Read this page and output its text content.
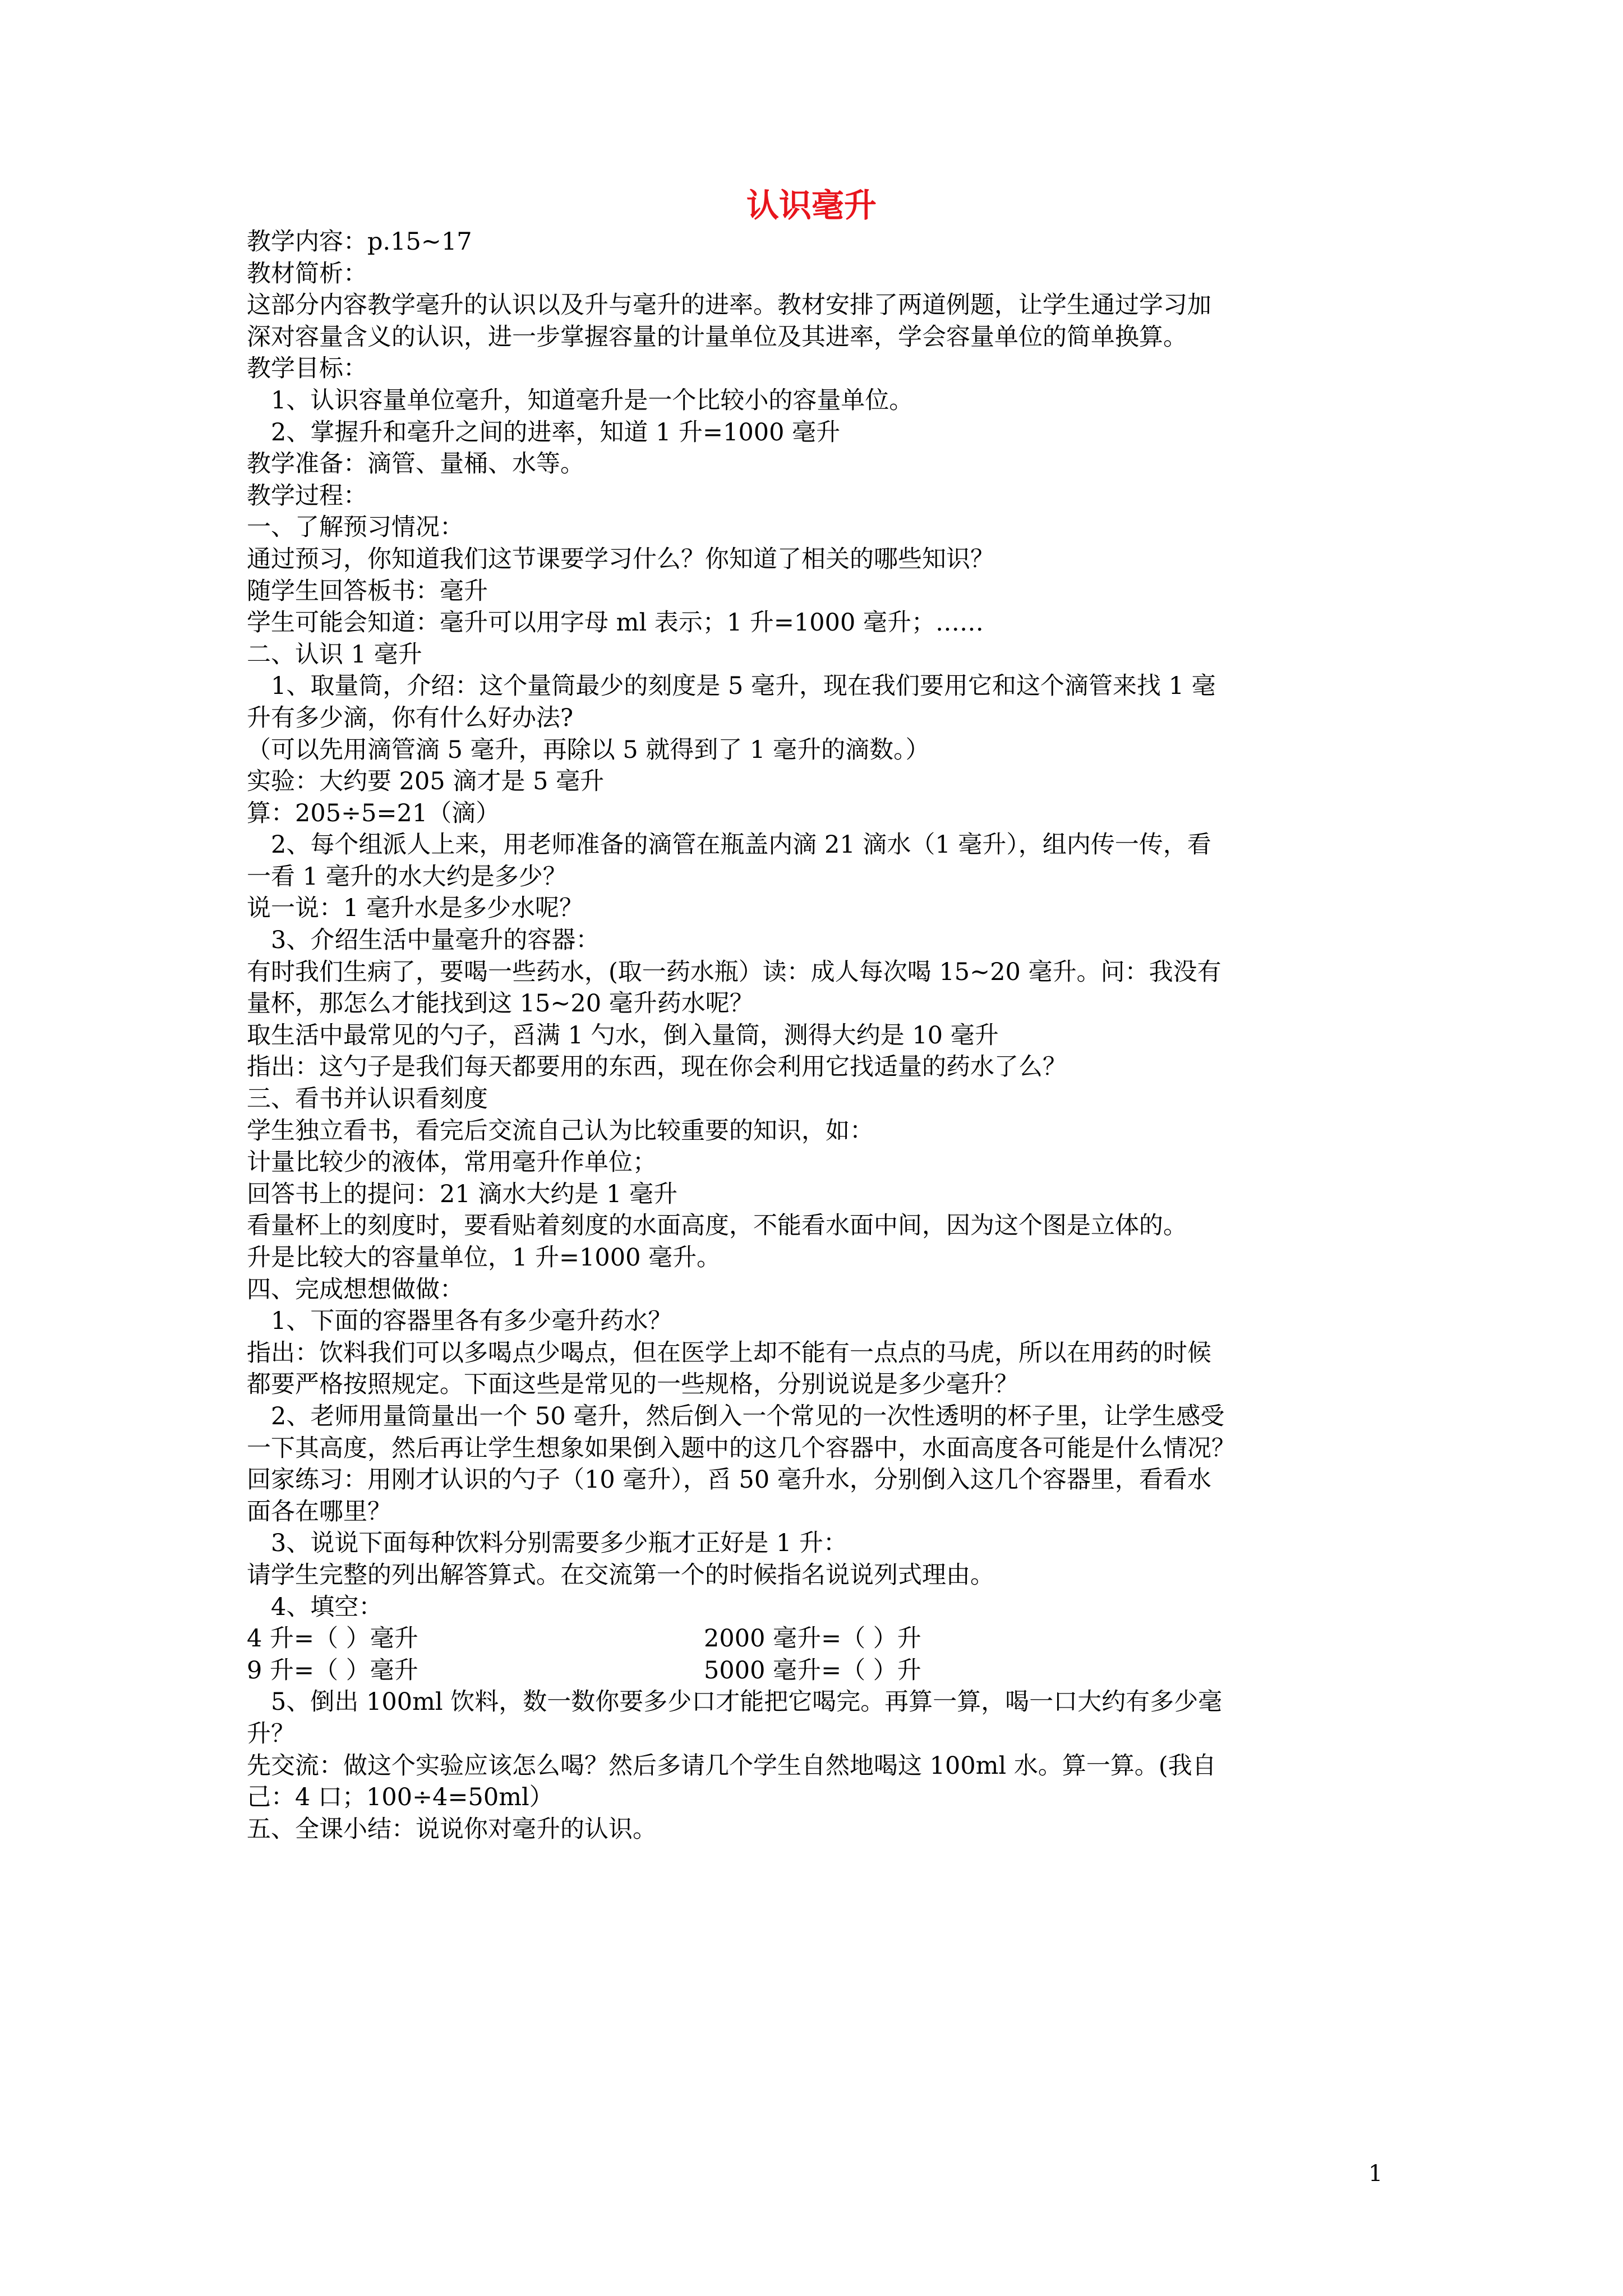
认识毫升
教学内容：p.15~17
教材简析：
这部分内容教学毫升的认识以及升与毫升的进率。教材安排了两道例题，让学生通过学习加
深对容量含义的认识，进一步掌握容量的计量单位及其进率，学会容量单位的简单换算。
教学目标：
1、认识容量单位毫升，知道毫升是一个比较小的容量单位。
2、掌握升和毫升之间的进率，知道 1 升=1000 毫升
教学准备：滴管、量桶、水等。
教学过程：
一、了解预习情况：
通过预习，你知道我们这节课要学习什么？你知道了相关的哪些知识？
随学生回答板书：毫升
学生可能会知道：毫升可以用字母 ml 表示；1 升=1000 毫升；……
二、认识 1 毫升
1、取量筒，介绍：这个量筒最少的刻度是 5 毫升，现在我们要用它和这个滴管来找 1 毫
升有多少滴，你有什么好办法?
（可以先用滴管滴 5 毫升，再除以 5 就得到了 1 毫升的滴数。）
实验：大约要 205 滴才是 5 毫升
算：205÷5=21（滴）
2、每个组派人上来，用老师准备的滴管在瓶盖内滴 21 滴水（1 毫升），组内传一传，看
一看 1 毫升的水大约是多少？
说一说：1 毫升水是多少水呢？
3、介绍生活中量毫升的容器：
有时我们生病了，要喝一些药水，(取一药水瓶）读：成人每次喝 15~20 毫升。问：我没有
量杯，那怎么才能找到这 15~20 毫升药水呢？
取生活中最常见的勺子，舀满 1 勺水，倒入量筒，测得大约是 10 毫升
指出：这勺子是我们每天都要用的东西，现在你会利用它找适量的药水了么？
三、看书并认识看刻度
学生独立看书，看完后交流自己认为比较重要的知识，如：
计量比较少的液体，常用毫升作单位；
回答书上的提问：21 滴水大约是 1 毫升
看量杯上的刻度时，要看贴着刻度的水面高度，不能看水面中间，因为这个图是立体的。
升是比较大的容量单位，1 升=1000 毫升。
四、完成想想做做：
1、下面的容器里各有多少毫升药水？
指出：饮料我们可以多喝点少喝点，但在医学上却不能有一点点的马虎，所以在用药的时候
都要严格按照规定。下面这些是常见的一些规格，分别说说是多少毫升？
2、老师用量筒量出一个 50 毫升，然后倒入一个常见的一次性透明的杯子里，让学生感受
一下其高度，然后再让学生想象如果倒入题中的这几个容器中，水面高度各可能是什么情况？
回家练习：用刚才认识的勺子（10 毫升），舀 50 毫升水，分别倒入这几个容器里，看看水
面各在哪里？
3、说说下面每种饮料分别需要多少瓶才正好是 1 升：
请学生完整的列出解答算式。在交流第一个的时候指名说说列式理由。
4、填空：
4 升=（ ）毫升	2000 毫升=（ ）升
9 升=（ ）毫升	5000 毫升=（ ）升
5、倒出 100ml 饮料，数一数你要多少口才能把它喝完。再算一算，喝一口大约有多少毫
升？
先交流：做这个实验应该怎么喝？然后多请几个学生自然地喝这 100ml 水。算一算。(我自
己：4 口；100÷4=50ml）
五、全课小结：说说你对毫升的认识。
1
